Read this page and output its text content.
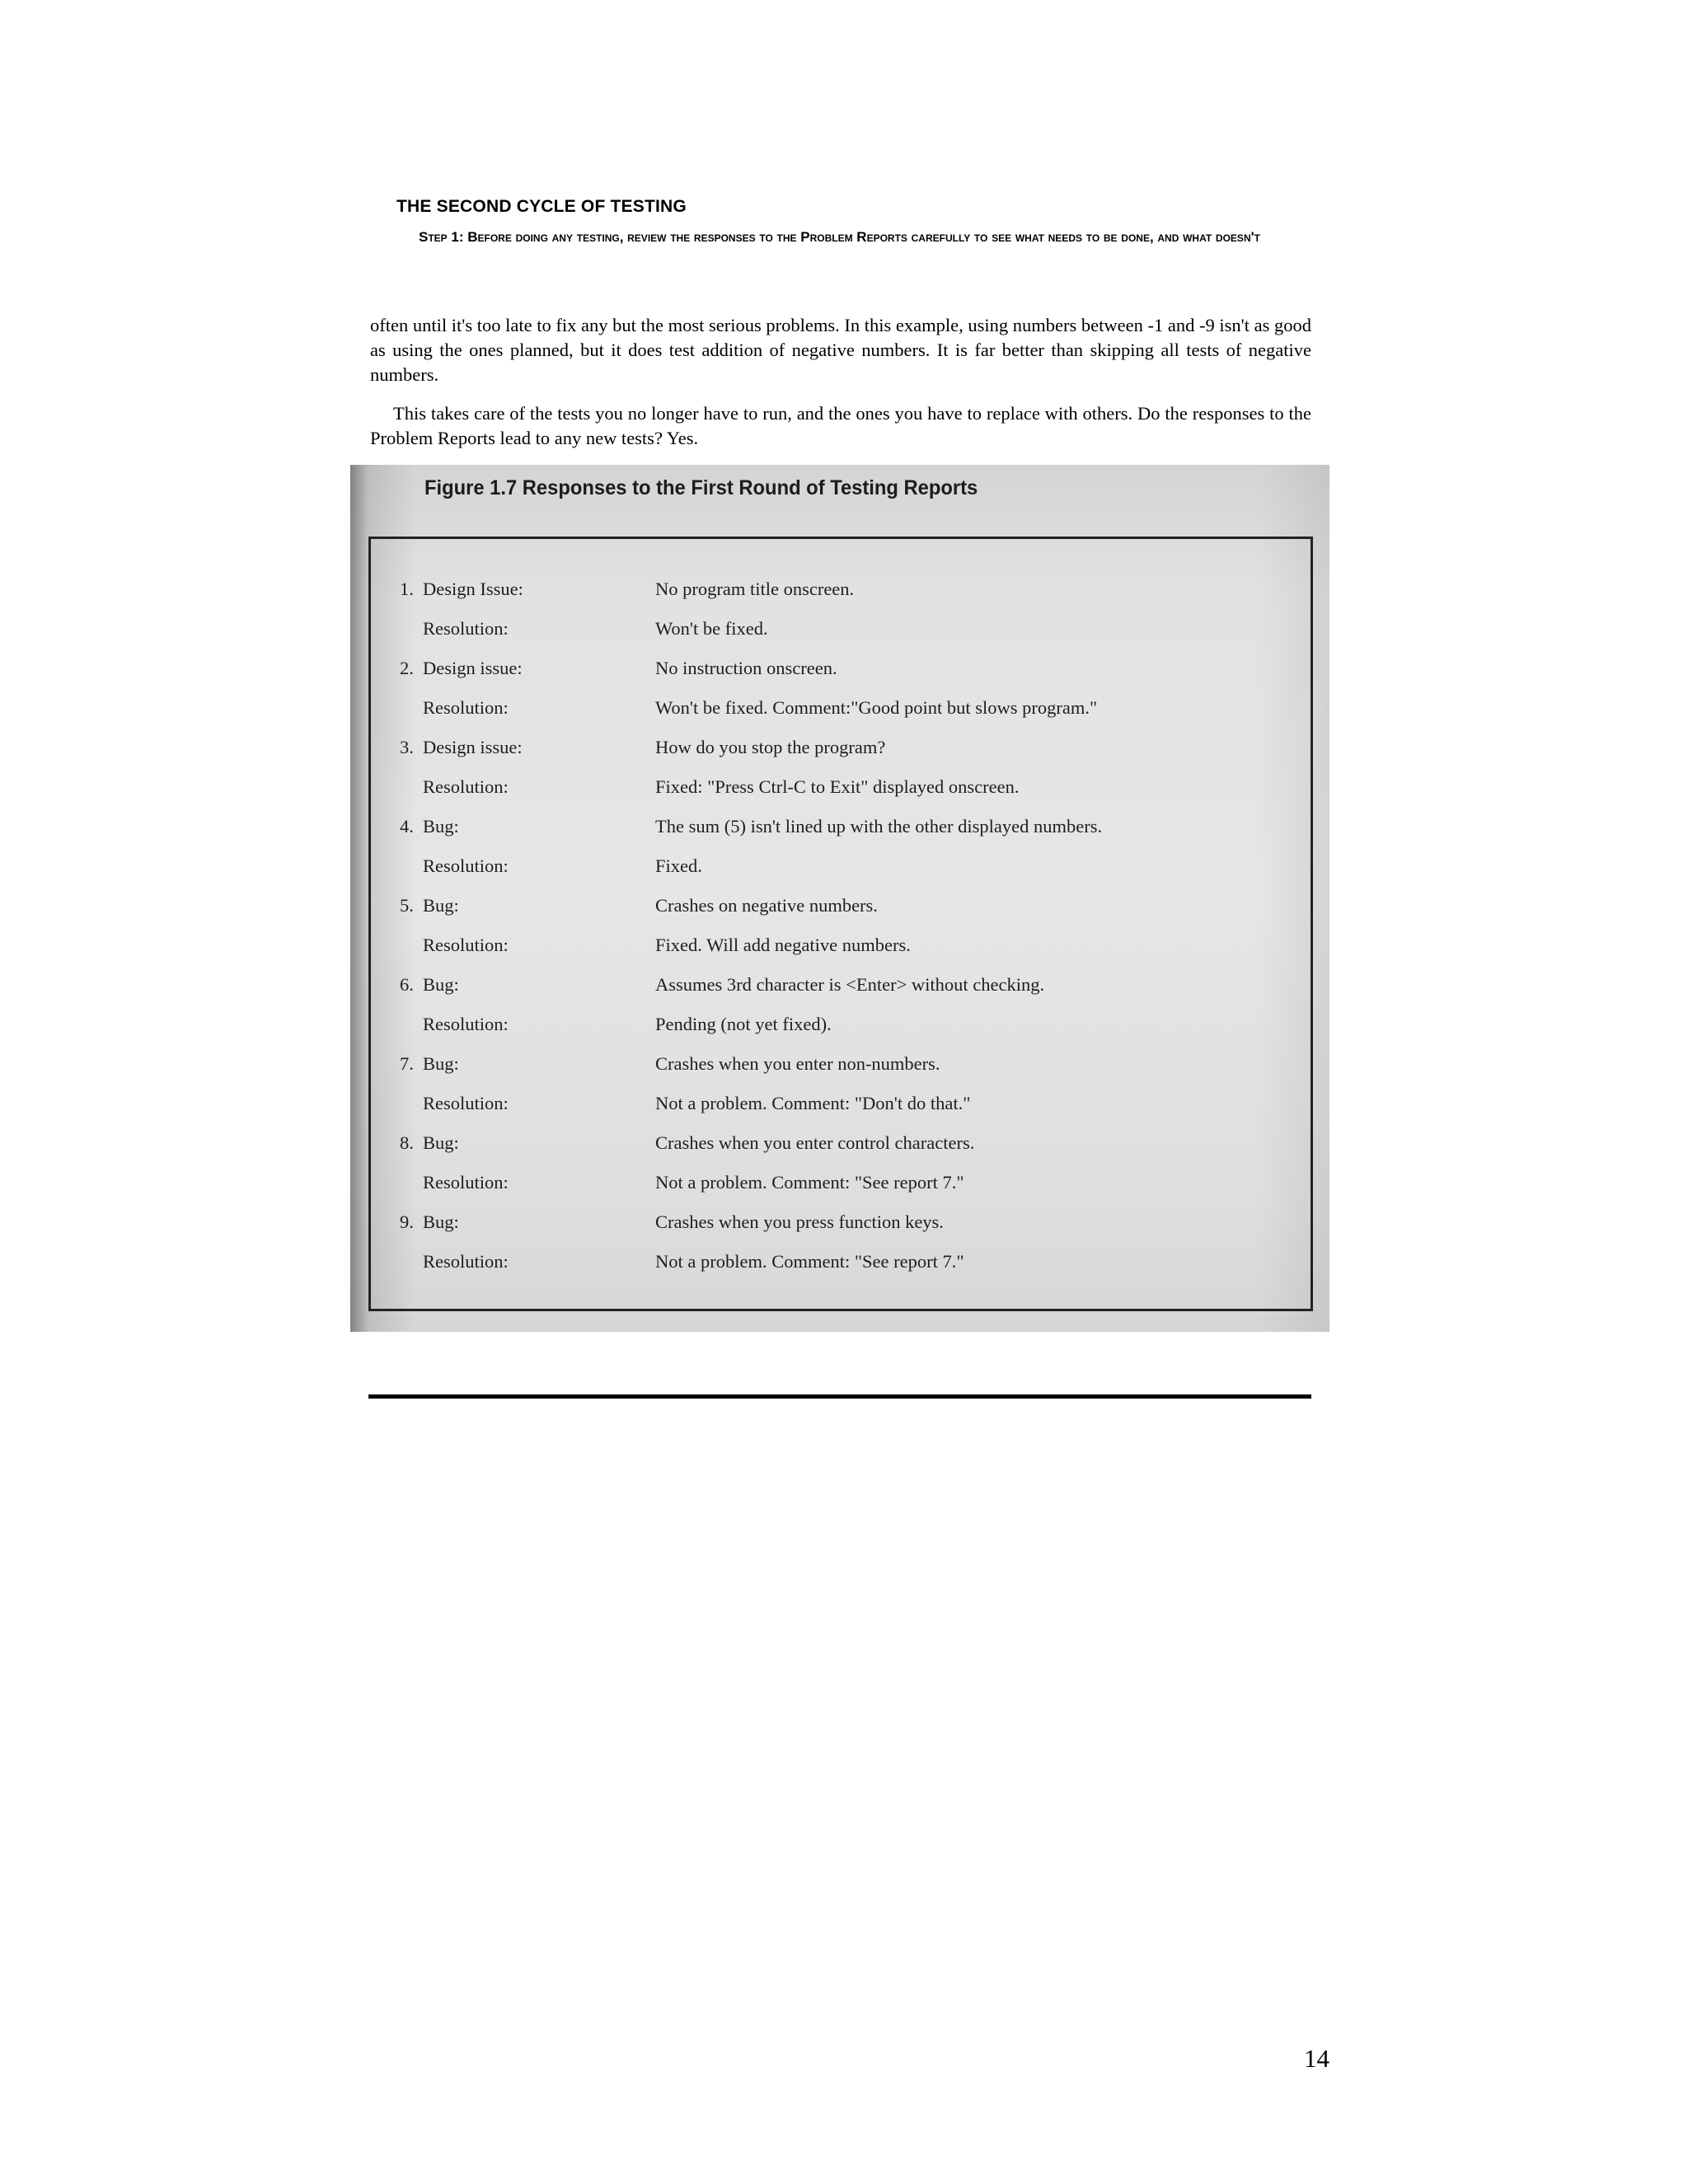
THE SECOND CYCLE OF TESTING
Step 1: Before doing any testing, review the responses to the Problem Reports carefully to see what needs to be done, and what doesn't
often until it's too late to fix any but the most serious problems. In this example, using numbers between -1 and -9 isn't as good as using the ones planned, but it does test addition of negative numbers. It is far better than skipping all tests of negative numbers.
This takes care of the tests you no longer have to run, and the ones you have to replace with others. Do the responses to the Problem Reports lead to any new tests? Yes.
Figure 1.7 Responses to the First Round of Testing Reports
1. Design Issue:	No program title onscreen.
Resolution:	Won't be fixed.
2. Design issue:	No instruction onscreen.
Resolution:	Won't be fixed. Comment:"Good point but slows program."
3. Design issue:	How do you stop the program?
Resolution:	Fixed: "Press Ctrl-C to Exit" displayed onscreen.
4. Bug:	The sum (5) isn't lined up with the other displayed numbers.
Resolution:	Fixed.
5. Bug:	Crashes on negative numbers.
Resolution:	Fixed. Will add negative numbers.
6. Bug:	Assumes 3rd character is <Enter> without checking.
Resolution:	Pending (not yet fixed).
7. Bug:	Crashes when you enter non-numbers.
Resolution:	Not a problem. Comment: "Don't do that."
8. Bug:	Crashes when you enter control characters.
Resolution:	Not a problem. Comment: "See report 7."
9. Bug:	Crashes when you press function keys.
Resolution:	Not a problem. Comment: "See report 7."
14
